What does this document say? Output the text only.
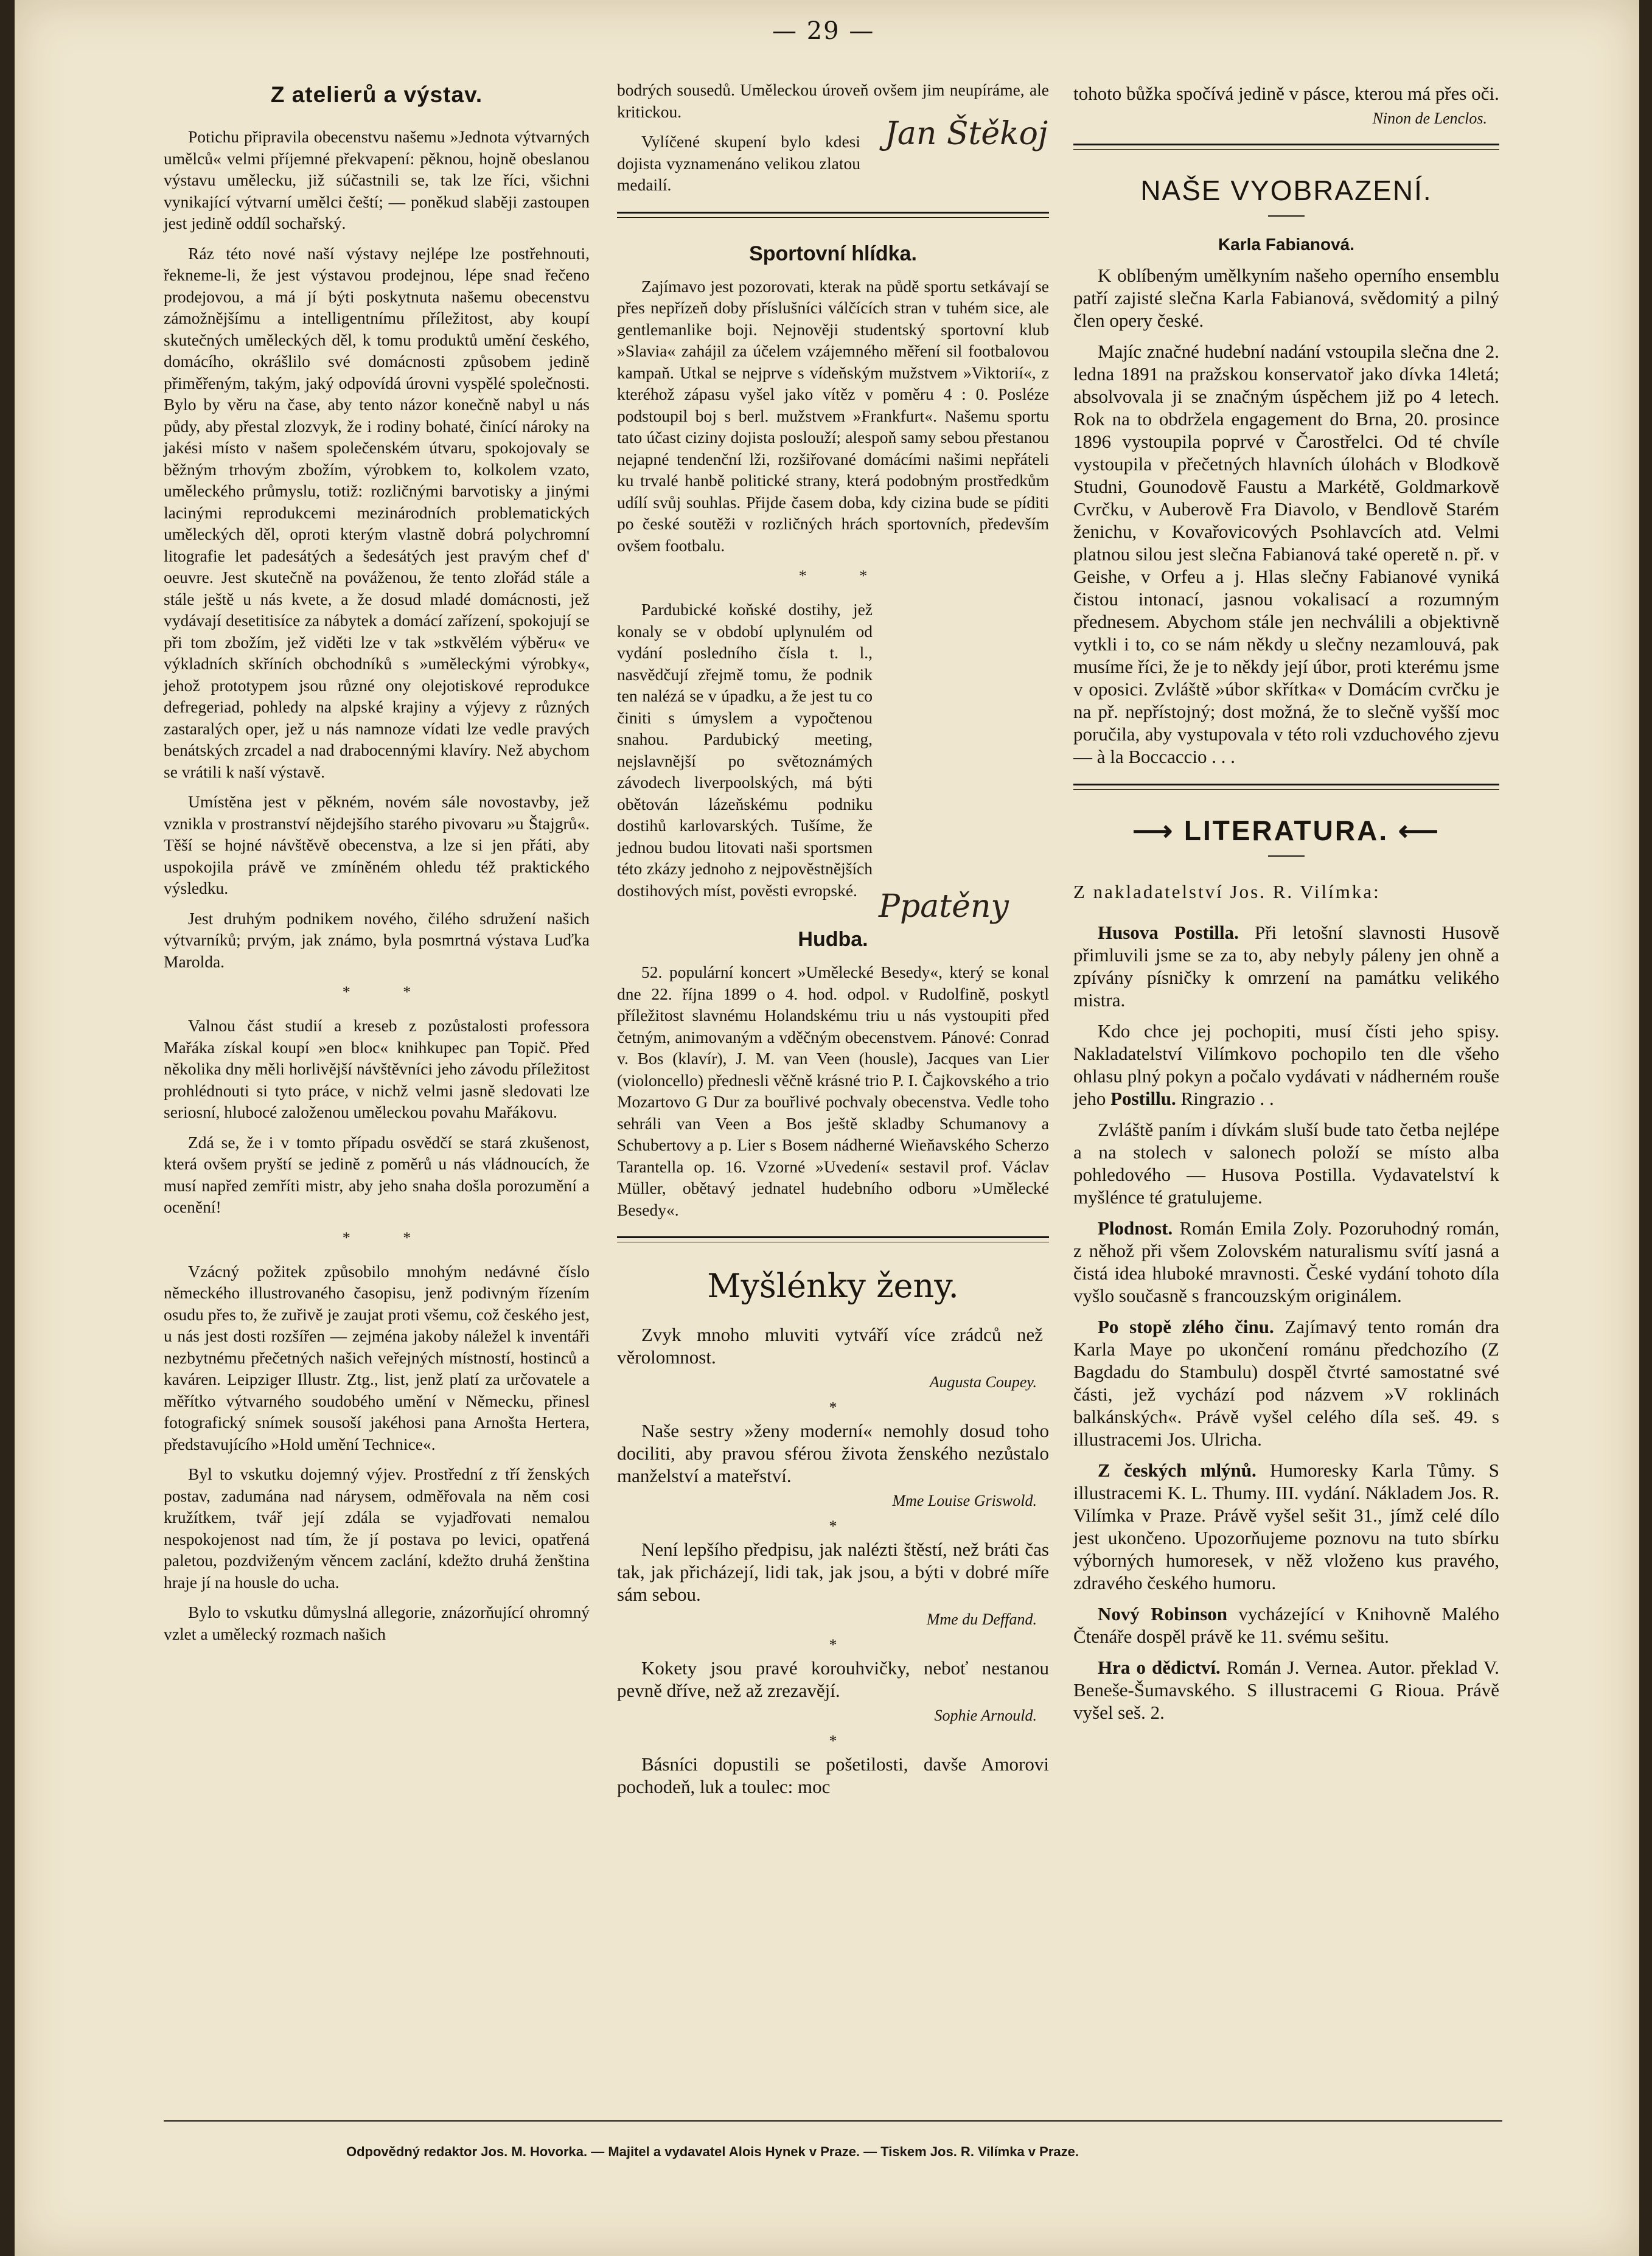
— 29 —
Z atelierů a výstav.

Potichu připravila obecenstvu našemu »Jednota výtvarných umělců« velmi příjemné překvapení: pěknou, hojně obeslanou výstavu umělecku, již súčastnili se, tak lze říci, všichni vynikající výtvarní umělci čeští; — poněkud slaběji zastoupen jest jedině oddíl sochařský.

Ráz této nové naší výstavy nejlépe lze postřehnouti, řekneme-li, že jest výstavou prodejnou, lépe snad řečeno prodejovou, a má jí býti poskytnuta našemu obecenstvu zámožnějšímu a intelligentnímu příležitost, aby koupí skutečných uměleckých děl, k tomu produktů umění českého, domácího, okrášlilo své domácnosti způsobem jedině přiměřeným, takým, jaký odpovídá úrovni vyspělé společnosti. Bylo by věru na čase, aby tento názor konečně nabyl u nás půdy, aby přestal zlozvyk, že i rodiny bohaté, činící nároky na jakési místo v našem společenském útvaru, spokojovaly se běžným trhovým zbožím, výrobkem to, kolkolem vzato, uměleckého průmyslu, totiž: rozličnými barvotisky a jinými lacinými reprodukcemi mezinárodních problematických uměleckých děl, oproti kterým vlastně dobrá polychromní litografie let padesátých a šedesátých jest pravým chef d' oeuvre. Jest skutečně na pováženou, že tento zlořád stále a stále ještě u nás kvete, a že dosud mladé domácnosti, jež vydávají desetitisíce za nábytek a domácí zařízení, spokojují se při tom zbožím, jež viděti lze v tak »stkvělém výběru« ve výkladních skříních obchodníků s »uměleckými výrobky«, jehož prototypem jsou různé ony olejotiskové reprodukce defregeriad, pohledy na alpské krajiny a výjevy z různých zastaralých oper, jež u nás namnoze vídati lze vedle pravých benátských zrcadel a nad drabocennými klavíry. Než abychom se vrátili k naší výstavě.

Umístěna jest v pěkném, novém sále novostavby, jež vznikla v prostranství nějdejšího starého pivovaru »u Štajgrů«. Těší se hojné návštěvě obecenstva, a lze si jen přáti, aby uspokojila právě ve zmíněném ohledu též praktického výsledku.

Jest druhým podnikem nového, čilého sdružení našich výtvarníků; prvým, jak známo, byla posmrtná výstava Luďka Marolda.

* *

Valnou část studií a kreseb z pozůstalosti professora Mařáka získal koupí »en bloc« knihkupec pan Topič. Před několika dny měli horlivější návštěvníci jeho závodu příležitost prohlédnouti si tyto práce, v nichž velmi jasně sledovati lze seriosní, hlubocé založenou uměleckou povahu Mařákovu.

Zdá se, že i v tomto případu osvědčí se stará zkušenost, která ovšem pryští se jedině z poměrů u nás vládnoucích, že musí napřed zemříti mistr, aby jeho snaha došla porozumění a ocenění!

* *

Vzácný požitek způsobilo mnohým nedávné číslo německého illustrovaného časopisu, jenž podivným řízením osudu přes to, že zuřivě je zaujat proti všemu, což českého jest, u nás jest dosti rozšířen — zejména jakoby náležel k inventáři nezbytnému přečetných našich veřejných místností, hostinců a kaváren. Leipziger Illustr. Ztg., list, jenž platí za určovatele a měřítko výtvarného soudobého umění v Německu, přinesl fotografický snímek sousoší jakéhosi pana Arnošta Hertera, představujícího »Hold umění Technice«.

Byl to vskutku dojemný výjev. Prostřední z tří ženských postav, zadumána nad nárysem, odměřovala na něm cosi kružítkem, tvář její zdála se vyjadřovati nemalou nespokojenost nad tím, že jí postava po levici, opatřená paletou, pozdviženým věncem zaclání, kdežto druhá ženština hraje jí na housle do ucha.

Bylo to vskutku důmyslná allegorie, znázorňující ohromný vzlet a umělecký rozmach našich

bodrých sousedů. Uměleckou úroveň ovšem jim neupíráme, ale kritickou.

Vylíčené skupení bylo kdesi dojista vyznamenáno velikou zlatou medailí.

Jan Štěkoj
Sportovní hlídka.

Zajímavo jest pozorovati, kterak na půdě sportu setkávají se přes nepřízeň doby příslušníci válčících stran v tuhém sice, ale gentlemanlike boji. Nejnověji studentský sportovní klub »Slavia« zahájil za účelem vzájemného měření sil footbalovou kampaň. Utkal se nejprve s vídeňským mužstvem »Viktorií«, z kteréhož zápasu vyšel jako vítěz v poměru 4 : 0. Posléze podstoupil boj s berl. mužstvem »Frankfurt«. Našemu sportu tato účast ciziny dojista poslouží; alespoň samy sebou přestanou nejapné tendenční lži, rozšiřované domácími našimi nepřáteli ku trvalé hanbě politické strany, která podobným prostředkům udílí svůj souhlas. Přijde časem doba, kdy cizina bude se píditi po české soutěži v rozličných hrách sportovních, především ovšem footbalu.

* *

Pardubické koňské dostihy, jež konaly se v období uplynulém od vydání posledního čísla t. l., nasvědčují zřejmě tomu, že podnik ten nalézá se v úpadku, a že jest tu co činiti s úmyslem a vypočtenou snahou. Pardubický meeting, nejslavnější po světoznámých závodech liverpoolských, má býti obětován lázeňskému podniku dostihů karlovarských. Tušíme, že jednou budou litovati naši sportsmen této zkázy jednoho z nejpověstnějších dostihových míst, pověsti evropské. Ppatěny
Hudba.

52. populární koncert »Umělecké Besedy«, který se konal dne 22. října 1899 o 4. hod. odpol. v Rudolfině, poskytl příležitost slavnému Holandskému triu u nás vystoupiti před četným, animovaným a vděčným obecenstvem. Pánové: Conrad v. Bos (klavír), J. M. van Veen (housle), Jacques van Lier (violoncello) přednesli věčně krásné trio P. I. Čajkovského a trio Mozartovo G Dur za bouřlivé pochvaly obecenstva. Vedle toho sehráli van Veen a Bos ještě skladby Schumanovy a Schubertovy a p. Lier s Bosem nádherné Wieňavského Scherzo Tarantella op. 16. Vzorné »Uvedení« sestavil prof. Václav Müller, obětavý jednatel hudebního odboru »Umělecké Besedy«.

Myšlénky ženy.

Zvyk mnoho mluviti vytváří více zrádců než věrolomnost.

Augusta Coupey.
*

Naše sestry »ženy moderní« nemohly dosud toho dociliti, aby pravou sférou života ženského nezůstalo manželství a mateřství.

Mme Louise Griswold.
*

Není lepšího předpisu, jak nalézti štěstí, než bráti čas tak, jak přicházejí, lidi tak, jak jsou, a býti v dobré míře sám sebou.

Mme du Deffand.
*

Kokety jsou pravé korouhvičky, neboť nestanou pevně dříve, než až zrezavějí.

Sophie Arnould.
*

Básníci dopustili se pošetilosti, davše Amorovi pochodeň, luk a toulec: moc

tohoto bůžka spočívá jedině v pásce, kterou má přes oči.

Ninon de Lenclos.
NAŠE VYOBRAZENÍ.
Karla Fabianová.

K oblíbeným umělkyním našeho operního ensemblu patří zajisté slečna Karla Fabianová, svědomitý a pilný člen opery české.

Majíc značné hudební nadání vstoupila slečna dne 2. ledna 1891 na pražskou konservatoř jako dívka 14letá; absolvovala ji se značným úspěchem již po 4 letech. Rok na to obdržela engagement do Brna, 20. prosince 1896 vystoupila poprvé v Čarostřelci. Od té chvíle vystoupila v přečetných hlavních úlohách v Blodkově Studni, Gounodově Faustu a Markétě, Goldmarkově Cvrčku, v Auberově Fra Diavolo, v Bendlově Starém ženichu, v Kovařovicových Psohlavcích atd. Velmi platnou silou jest slečna Fabianová také operetě n. př. v Geishe, v Orfeu a j. Hlas slečny Fabianové vyniká čistou intonací, jasnou vokalisací a rozumným přednesem. Abychom stále jen nechválili a objektivně vytkli i to, co se nám někdy u slečny nezamlouvá, pak musíme říci, že je to někdy její úbor, proti kterému jsme v oposici. Zvláště »úbor skřítka« v Domácím cvrčku je na př. nepřístojný; dost možná, že to slečně vyšší moc poručila, aby vystupovala v této roli vzduchového zjevu — à la Boccaccio . . .

⟶ LITERATURA. ⟵
Z nakladatelství Jos. R. Vilímka:

Husova Postilla. Při letošní slavnosti Husově přimluvili jsme se za to, aby nebyly páleny jen ohně a zpívány písničky k omrzení na památku velikého mistra.

Kdo chce jej pochopiti, musí čísti jeho spisy. Nakladatelství Vilímkovo pochopilo ten dle všeho ohlasu plný pokyn a počalo vydávati v nádherném rouše jeho Postillu. Ringrazio . .

Zvláště paním i dívkám sluší bude tato četba nejlépe a na stolech v salonech položí se místo alba pohledového — Husova Postilla. Vydavatelství k myšlénce té gratulujeme.

Plodnost. Román Emila Zoly. Pozoruhodný román, z něhož při všem Zolovském naturalismu svítí jasná a čistá idea hluboké mravnosti. České vydání tohoto díla vyšlo současně s francouzským originálem.

Po stopě zlého činu. Zajímavý tento román dra Karla Maye po ukončení románu předchozího (Z Bagdadu do Stambulu) dospěl čtvrté samostatné své části, jež vychází pod názvem »V roklinách balkánských«. Právě vyšel celého díla seš. 49. s illustracemi Jos. Ulricha.

Z českých mlýnů. Humoresky Karla Tůmy. S illustracemi K. L. Thumy. III. vydání. Nákladem Jos. R. Vilímka v Praze. Právě vyšel sešit 31., jímž celé dílo jest ukončeno. Upozorňujeme poznovu na tuto sbírku výborných humoresek, v něž vloženo kus pravého, zdravého českého humoru.

Nový Robinson vycházející v Knihovně Malého Čtenáře dospěl právě ke 11. svému sešitu.

Hra o dědictví. Román J. Vernea. Autor. překlad V. Beneše-Šumavského. S illustracemi G Rioua. Právě vyšel seš. 2.

Odpovědný redaktor Jos. M. Hovorka. — Majitel a vydavatel Alois Hynek v Praze. — Tiskem Jos. R. Vilímka v Praze.
